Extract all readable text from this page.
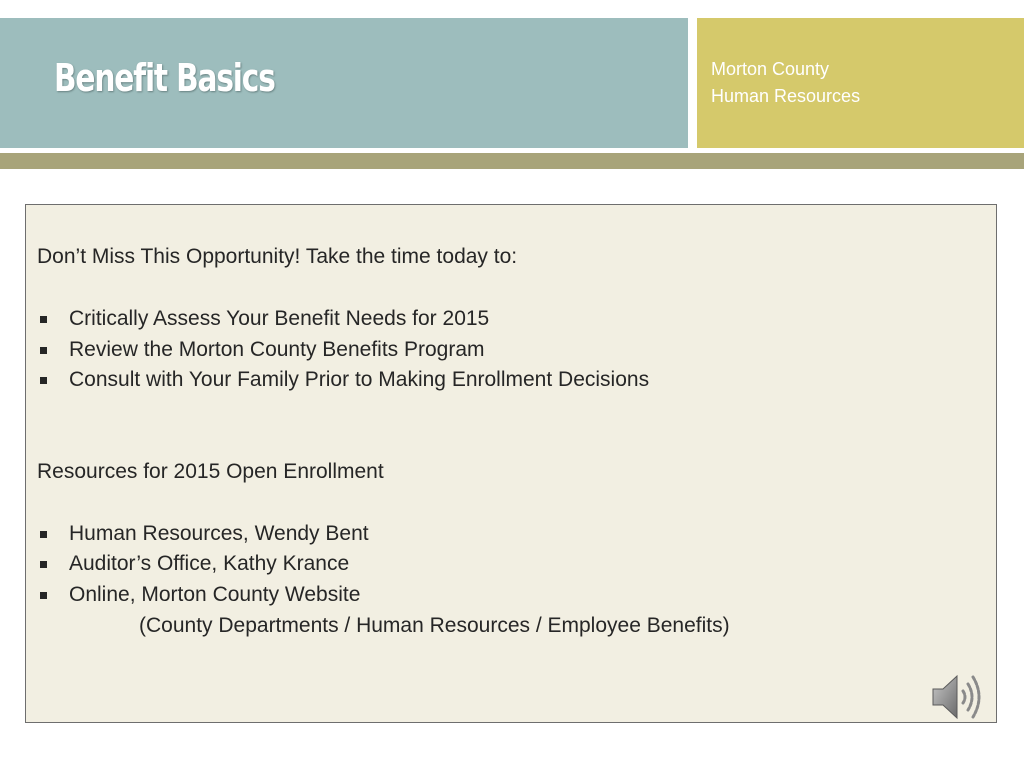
Benefit Basics	Morton County
Human Resources

Don’t Miss This Opportunity! Take the time today to:

Critically Assess Your Benefit Needs for 2015
Review the Morton County Benefits Program
Consult with Your Family Prior to Making Enrollment Decisions

Resources for 2015 Open Enrollment

Human Resources, Wendy Bent
Auditor’s Office, Kathy Krance
Online, Morton County Website

(County Departments / Human Resources / Employee Benefits)
